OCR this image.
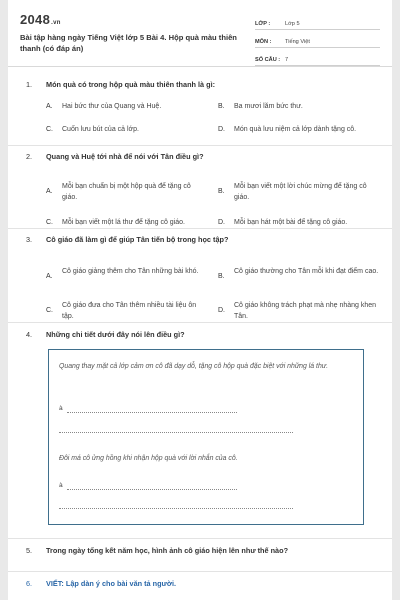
2048.vn
Bài tập hàng ngày Tiếng Việt lớp 5 Bài 4. Hộp quà màu thiên thanh (có đáp án)
LỚP :	Lớp 5
MÔN :	Tiếng Việt
SỐ CÂU : 7
1.	Món quà có trong hộp quà màu thiên thanh là gì:
A.	Hai bức thư của Quang và Huệ.	B.	Ba mươi lăm bức thư.
C.	Cuốn lưu bút của cả lớp.	D.	Món quà lưu niệm cả lớp dành tặng cô.
2.	Quang và Huệ tới nhà để nói với Tân điều gì?
A.
Mỗi bạn chuẩn bị một hộp quà để tặng cô giáo.
B.
Mỗi bạn viết một lời chúc mừng để tặng cô giáo.
C.	Mỗi bạn viết một lá thư để tặng cô giáo.	D.	Mỗi bạn hát một bài để tặng cô giáo.
3.	Cô giáo đã làm gì để giúp Tân tiến bộ trong học tập?
A.
Cô giáo giảng thêm cho Tân những bài khó.
B.
Cô giáo thường cho Tân mỗi khi đạt điểm cao.
C.
Cô giáo đưa cho Tân thêm nhiều tài liệu ôn tập.
D.
Cô giáo không trách phạt mà nhẹ nhàng khen Tân.
4.	Những chi tiết dưới đây nói lên điều gì?
Quang thay mặt cả lớp cảm ơn cô đã dạy dỗ, tặng cô hộp quà đặc biệt với những lá thư.
à
Đôi má cô ửng hồng khi nhận hộp quà với lời nhắn của cô.
à
5.	Trong ngày tổng kết năm học, hình ảnh cô giáo hiện lên như thế nào?
6.	VIẾT: Lập dàn ý cho bài văn tả người.
